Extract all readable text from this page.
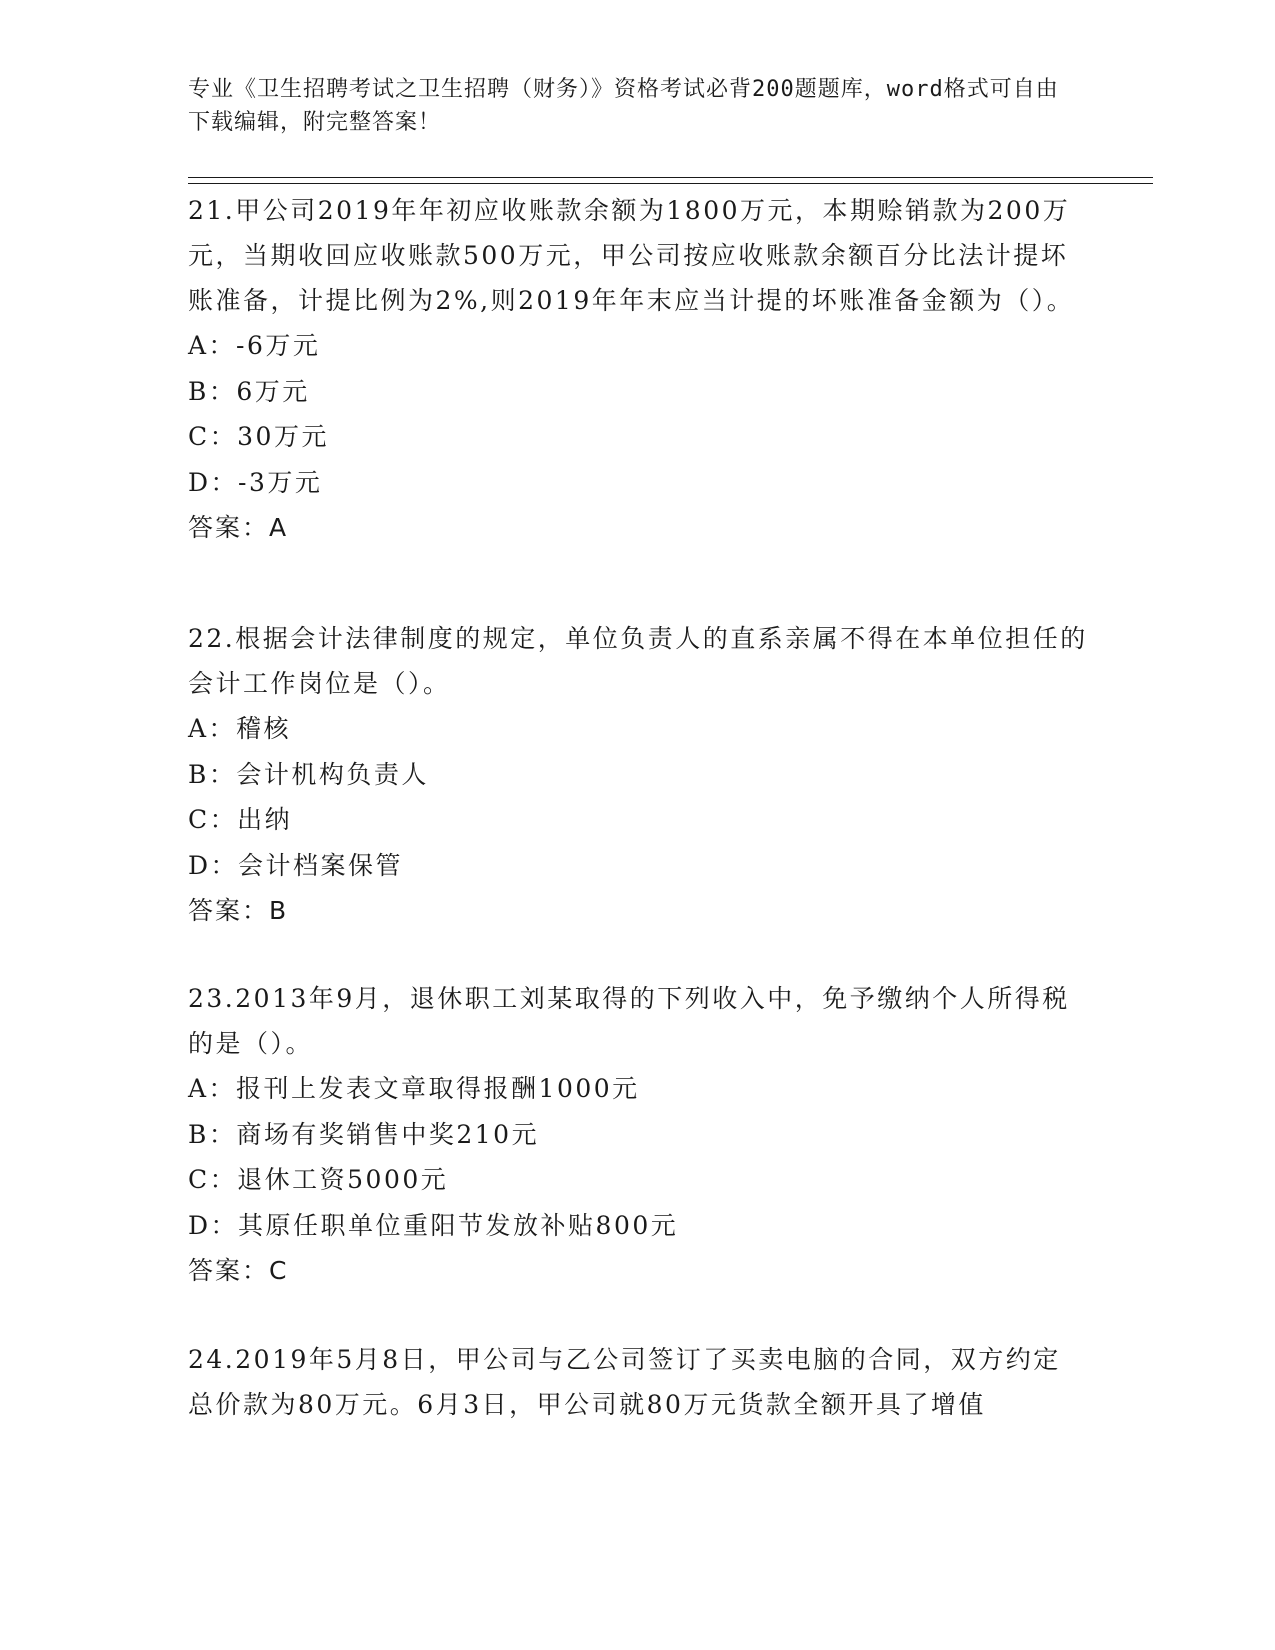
专业《卫生招聘考试之卫生招聘（财务）》资格考试必背200题题库，word格式可自由下载编辑，附完整答案！

21.甲公司2019年年初应收账款余额为1800万元，本期赊销款为200万元，当期收回应收账款500万元，甲公司按应收账款余额百分比法计提坏账准备，计提比例为2%,则2019年年末应当计提的坏账准备金额为（）。

A：-6万元

B：6万元

C：30万元

D：-3万元

答案：A

22.根据会计法律制度的规定，单位负责人的直系亲属不得在本单位担任的会计工作岗位是（）。

A：稽核

B：会计机构负责人

C：出纳

D：会计档案保管

答案：B

23.2013年9月，退休职工刘某取得的下列收入中，免予缴纳个人所得税的是（）。

A：报刊上发表文章取得报酬1000元

B：商场有奖销售中奖210元

C：退休工资5000元

D：其原任职单位重阳节发放补贴800元

答案：C

24.2019年5月8日，甲公司与乙公司签订了买卖电脑的合同，双方约定总价款为80万元。6月3日，甲公司就80万元货款全额开具了增值
